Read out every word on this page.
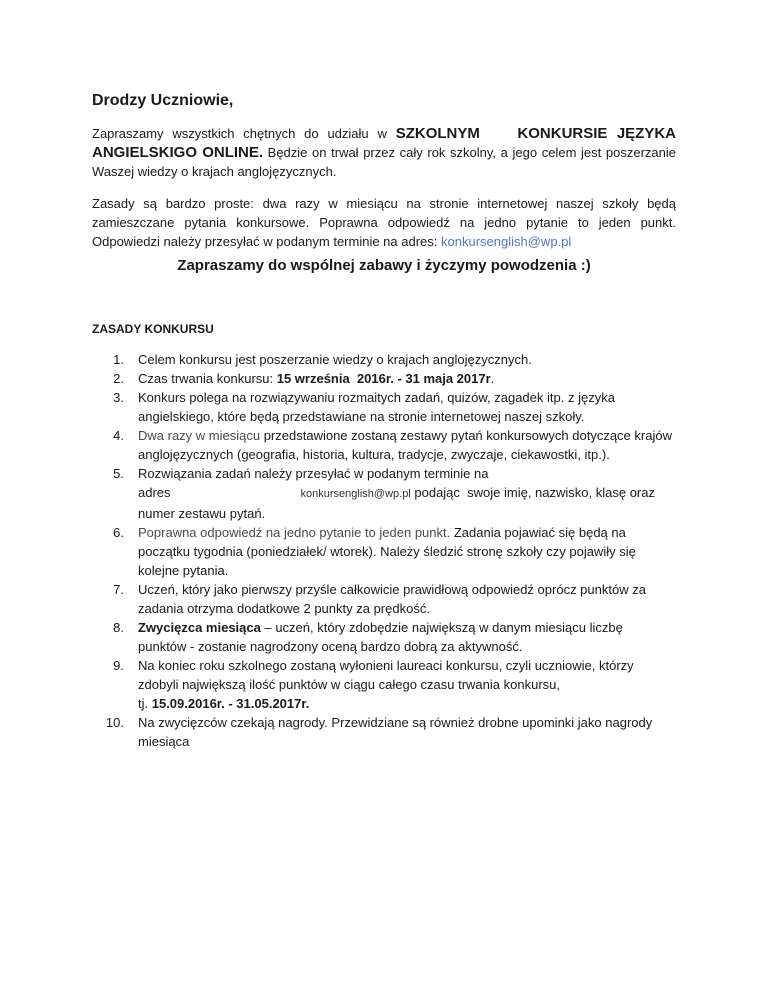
Drodzy Uczniowie,

Zapraszamy wszystkich chętnych do udziału w SZKOLNYM    KONKURSIE JĘZYKA ANGIELSKIGO ONLINE. Będzie on trwał przez cały rok szkolny, a jego celem jest poszerzanie Waszej wiedzy o krajach anglojęzycznych.

Zasady są bardzo proste: dwa razy w miesiącu na stronie internetowej naszej szkoły będą zamieszczane pytania konkursowe. Poprawna odpowiedź na jedno pytanie to jeden punkt. Odpowiedzi należy przesyłać w podanym terminie na adres: konkursenglish@wp.pl

Zapraszamy do wspólnej zabawy i życzymy powodzenia :)

ZASADY KONKURSU
1. Celem konkursu jest poszerzanie wiedzy o krajach anglojęzycznych.
2. Czas trwania konkursu: 15 września  2016r. - 31 maja 2017r.
3. Konkurs polega na rozwiązywaniu rozmaitych zadań, quizów, zagadek itp. z języka angielskiego, które będą przedstawiane na stronie internetowej naszej szkoły.
4. Dwa razy w miesiącu przedstawione zostaną zestawy pytań konkursowych dotyczące krajów anglojęzycznych (geografia, historia, kultura, tradycje, zwyczaje, ciekawostki, itp.).
5. Rozwiązania zadań należy przesyłać w podanym terminie na
adres	konkursenglish@wp.pl podając  swoje imię, nazwisko, klasę oraz numer zestawu pytań.
6. Poprawna odpowiedź na jedno pytanie to jeden punkt. Zadania pojawiać się będą na początku tygodnia (poniedziałek/ wtorek). Należy śledzić stronę szkoły czy pojawiły się kolejne pytania.
7. Uczeń, który jako pierwszy przyśle całkowicie prawidłową odpowiedź oprócz punktów za zadania otrzyma dodatkowe 2 punkty za prędkość.
8. Zwycięzca miesiąca – uczeń, który zdobędzie największą w danym miesiącu liczbę punktów - zostanie nagrodzony oceną bardzo dobrą za aktywność.
9. Na koniec roku szkolnego zostaną wyłonieni laureaci konkursu, czyli uczniowie, którzy zdobyli największą ilość punktów w ciągu całego czasu trwania konkursu,
tj. 15.09.2016r. - 31.05.2017r.
10. Na zwycięzców czekają nagrody. Przewidziane są również drobne upominki jako nagrody miesiąca
